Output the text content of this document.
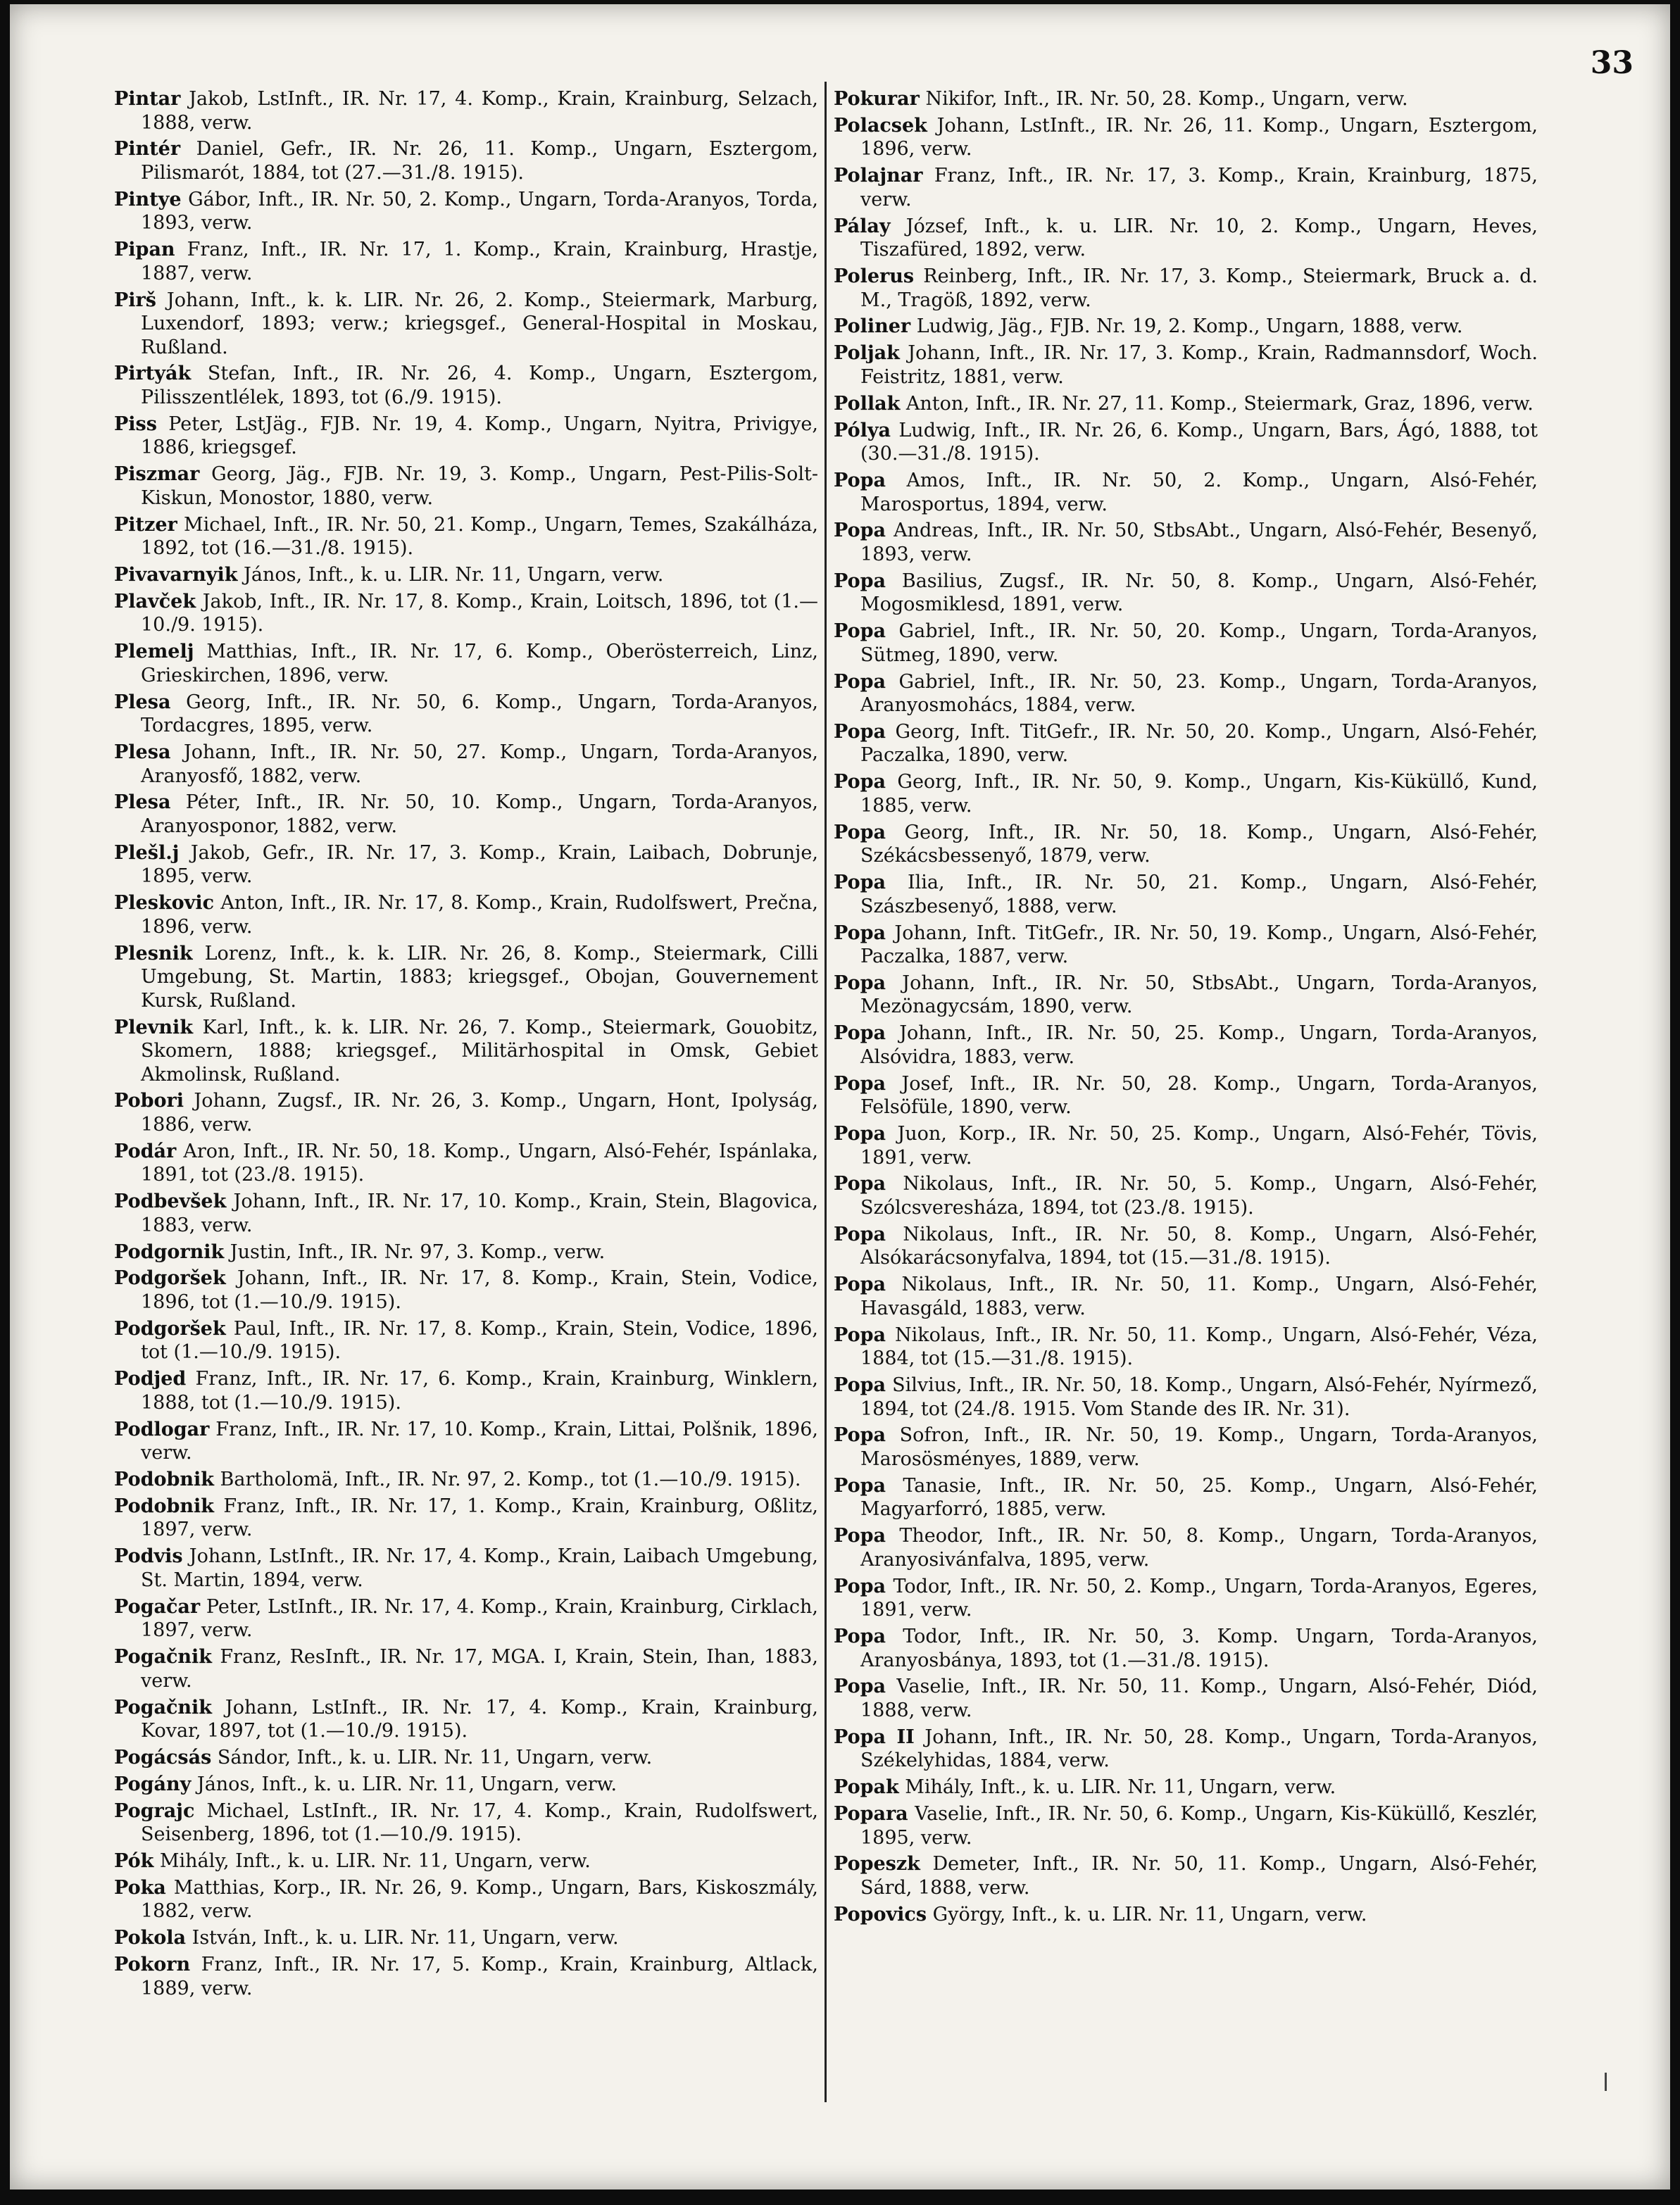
33

Pintar Jakob, LstInft., IR. Nr. 17, 4. Komp., Krain, Krainburg, Selzach, 1888, verw.

Pintér Daniel, Gefr., IR. Nr. 26, 11. Komp., Ungarn, Esztergom, Pilismarót, 1884, tot (27.—31./8. 1915).

Pintye Gábor, Inft., IR. Nr. 50, 2. Komp., Ungarn, Torda-Aranyos, Torda, 1893, verw.

Pipan Franz, Inft., IR. Nr. 17, 1. Komp., Krain, Krainburg, Hrastje, 1887, verw.

Pirš Johann, Inft., k. k. LIR. Nr. 26, 2. Komp., Steiermark, Marburg, Luxendorf, 1893; verw.; kriegsgef., General-Hospital in Moskau, Rußland.

Pirtyák Stefan, Inft., IR. Nr. 26, 4. Komp., Ungarn, Esztergom, Pilisszentlélek, 1893, tot (6./9. 1915).

Piss Peter, LstJäg., FJB. Nr. 19, 4. Komp., Ungarn, Nyitra, Privigye, 1886, kriegsgef.

Piszmar Georg, Jäg., FJB. Nr. 19, 3. Komp., Ungarn, Pest-Pilis-Solt-Kiskun, Monostor, 1880, verw.

Pitzer Michael, Inft., IR. Nr. 50, 21. Komp., Ungarn, Temes, Szakálháza, 1892, tot (16.—31./8. 1915).

Pivavarnyik János, Inft., k. u. LIR. Nr. 11, Ungarn, verw.

Plavček Jakob, Inft., IR. Nr. 17, 8. Komp., Krain, Loitsch, 1896, tot (1.—10./9. 1915).

Plemelj Matthias, Inft., IR. Nr. 17, 6. Komp., Oberösterreich, Linz, Grieskirchen, 1896, verw.

Plesa Georg, Inft., IR. Nr. 50, 6. Komp., Ungarn, Torda-Aranyos, Tordacgres, 1895, verw.

Plesa Johann, Inft., IR. Nr. 50, 27. Komp., Ungarn, Torda-Aranyos, Aranyosfő, 1882, verw.

Plesa Péter, Inft., IR. Nr. 50, 10. Komp., Ungarn, Torda-Aranyos, Aranyosponor, 1882, verw.

Plešl.j Jakob, Gefr., IR. Nr. 17, 3. Komp., Krain, Laibach, Dobrunje, 1895, verw.

Pleskovic Anton, Inft., IR. Nr. 17, 8. Komp., Krain, Rudolfswert, Prečna, 1896, verw.

Plesnik Lorenz, Inft., k. k. LIR. Nr. 26, 8. Komp., Steiermark, Cilli Umgebung, St. Martin, 1883; kriegsgef., Obojan, Gouvernement Kursk, Rußland.

Plevnik Karl, Inft., k. k. LIR. Nr. 26, 7. Komp., Steiermark, Gouobitz, Skomern, 1888; kriegsgef., Militärhospital in Omsk, Gebiet Akmolinsk, Rußland.

Pobori Johann, Zugsf., IR. Nr. 26, 3. Komp., Ungarn, Hont, Ipolyság, 1886, verw.

Podár Aron, Inft., IR. Nr. 50, 18. Komp., Ungarn, Alsó-Fehér, Ispánlaka, 1891, tot (23./8. 1915).

Podbevšek Johann, Inft., IR. Nr. 17, 10. Komp., Krain, Stein, Blagovica, 1883, verw.

Podgornik Justin, Inft., IR. Nr. 97, 3. Komp., verw.

Podgoršek Johann, Inft., IR. Nr. 17, 8. Komp., Krain, Stein, Vodice, 1896, tot (1.—10./9. 1915).

Podgoršek Paul, Inft., IR. Nr. 17, 8. Komp., Krain, Stein, Vodice, 1896, tot (1.—10./9. 1915).

Podjed Franz, Inft., IR. Nr. 17, 6. Komp., Krain, Krainburg, Winklern, 1888, tot (1.—10./9. 1915).

Podlogar Franz, Inft., IR. Nr. 17, 10. Komp., Krain, Littai, Polšnik, 1896, verw.

Podobnik Bartholomä, Inft., IR. Nr. 97, 2. Komp., tot (1.—10./9. 1915).

Podobnik Franz, Inft., IR. Nr. 17, 1. Komp., Krain, Krainburg, Oßlitz, 1897, verw.

Podvis Johann, LstInft., IR. Nr. 17, 4. Komp., Krain, Laibach Umgebung, St. Martin, 1894, verw.

Pogačar Peter, LstInft., IR. Nr. 17, 4. Komp., Krain, Krainburg, Cirklach, 1897, verw.

Pogačnik Franz, ResInft., IR. Nr. 17, MGA. I, Krain, Stein, Ihan, 1883, verw.

Pogačnik Johann, LstInft., IR. Nr. 17, 4. Komp., Krain, Krainburg, Kovar, 1897, tot (1.—10./9. 1915).

Pogácsás Sándor, Inft., k. u. LIR. Nr. 11, Ungarn, verw.

Pogány János, Inft., k. u. LIR. Nr. 11, Ungarn, verw.

Pograjc Michael, LstInft., IR. Nr. 17, 4. Komp., Krain, Rudolfswert, Seisenberg, 1896, tot (1.—10./9. 1915).

Pók Mihály, Inft., k. u. LIR. Nr. 11, Ungarn, verw.

Poka Matthias, Korp., IR. Nr. 26, 9. Komp., Ungarn, Bars, Kiskoszmály, 1882, verw.

Pokola István, Inft., k. u. LIR. Nr. 11, Ungarn, verw.

Pokorn Franz, Inft., IR. Nr. 17, 5. Komp., Krain, Krainburg, Altlack, 1889, verw.

Pokurar Nikifor, Inft., IR. Nr. 50, 28. Komp., Ungarn, verw.

Polacsek Johann, LstInft., IR. Nr. 26, 11. Komp., Ungarn, Esztergom, 1896, verw.

Polajnar Franz, Inft., IR. Nr. 17, 3. Komp., Krain, Krainburg, 1875, verw.

Pálay József, Inft., k. u. LIR. Nr. 10, 2. Komp., Ungarn, Heves, Tiszafüred, 1892, verw.

Polerus Reinberg, Inft., IR. Nr. 17, 3. Komp., Steiermark, Bruck a. d. M., Tragöß, 1892, verw.

Poliner Ludwig, Jäg., FJB. Nr. 19, 2. Komp., Ungarn, 1888, verw.

Poljak Johann, Inft., IR. Nr. 17, 3. Komp., Krain, Radmannsdorf, Woch. Feistritz, 1881, verw.

Pollak Anton, Inft., IR. Nr. 27, 11. Komp., Steiermark, Graz, 1896, verw.

Pólya Ludwig, Inft., IR. Nr. 26, 6. Komp., Ungarn, Bars, Ágó, 1888, tot (30.—31./8. 1915).

Popa Amos, Inft., IR. Nr. 50, 2. Komp., Ungarn, Alsó-Fehér, Marosportus, 1894, verw.

Popa Andreas, Inft., IR. Nr. 50, StbsAbt., Ungarn, Alsó-Fehér, Besenyő, 1893, verw.

Popa Basilius, Zugsf., IR. Nr. 50, 8. Komp., Ungarn, Alsó-Fehér, Mogosmiklesd, 1891, verw.

Popa Gabriel, Inft., IR. Nr. 50, 20. Komp., Ungarn, Torda-Aranyos, Sütmeg, 1890, verw.

Popa Gabriel, Inft., IR. Nr. 50, 23. Komp., Ungarn, Torda-Aranyos, Aranyosmohács, 1884, verw.

Popa Georg, Inft. TitGefr., IR. Nr. 50, 20. Komp., Ungarn, Alsó-Fehér, Paczalka, 1890, verw.

Popa Georg, Inft., IR. Nr. 50, 9. Komp., Ungarn, Kis-Küküllő, Kund, 1885, verw.

Popa Georg, Inft., IR. Nr. 50, 18. Komp., Ungarn, Alsó-Fehér, Székácsbessenyő, 1879, verw.

Popa Ilia, Inft., IR. Nr. 50, 21. Komp., Ungarn, Alsó-Fehér, Szászbesenyő, 1888, verw.

Popa Johann, Inft. TitGefr., IR. Nr. 50, 19. Komp., Ungarn, Alsó-Fehér, Paczalka, 1887, verw.

Popa Johann, Inft., IR. Nr. 50, StbsAbt., Ungarn, Torda-Aranyos, Mezönagycsám, 1890, verw.

Popa Johann, Inft., IR. Nr. 50, 25. Komp., Ungarn, Torda-Aranyos, Alsóvidra, 1883, verw.

Popa Josef, Inft., IR. Nr. 50, 28. Komp., Ungarn, Torda-Aranyos, Felsöfüle, 1890, verw.

Popa Juon, Korp., IR. Nr. 50, 25. Komp., Ungarn, Alsó-Fehér, Tövis, 1891, verw.

Popa Nikolaus, Inft., IR. Nr. 50, 5. Komp., Ungarn, Alsó-Fehér, Szólcsveresháza, 1894, tot (23./8. 1915).

Popa Nikolaus, Inft., IR. Nr. 50, 8. Komp., Ungarn, Alsó-Fehér, Alsókarácsonyfalva, 1894, tot (15.—31./8. 1915).

Popa Nikolaus, Inft., IR. Nr. 50, 11. Komp., Ungarn, Alsó-Fehér, Havasgáld, 1883, verw.

Popa Nikolaus, Inft., IR. Nr. 50, 11. Komp., Ungarn, Alsó-Fehér, Véza, 1884, tot (15.—31./8. 1915).

Popa Silvius, Inft., IR. Nr. 50, 18. Komp., Ungarn, Alsó-Fehér, Nyírmező, 1894, tot (24./8. 1915. Vom Stande des IR. Nr. 31).

Popa Sofron, Inft., IR. Nr. 50, 19. Komp., Ungarn, Torda-Aranyos, Marosösményes, 1889, verw.

Popa Tanasie, Inft., IR. Nr. 50, 25. Komp., Ungarn, Alsó-Fehér, Magyarforró, 1885, verw.

Popa Theodor, Inft., IR. Nr. 50, 8. Komp., Ungarn, Torda-Aranyos, Aranyosivánfalva, 1895, verw.

Popa Todor, Inft., IR. Nr. 50, 2. Komp., Ungarn, Torda-Aranyos, Egeres, 1891, verw.

Popa Todor, Inft., IR. Nr. 50, 3. Komp. Ungarn, Torda-Aranyos, Aranyosbánya, 1893, tot (1.—31./8. 1915).

Popa Vaselie, Inft., IR. Nr. 50, 11. Komp., Ungarn, Alsó-Fehér, Diód, 1888, verw.

Popa II Johann, Inft., IR. Nr. 50, 28. Komp., Ungarn, Torda-Aranyos, Székelyhidas, 1884, verw.

Popak Mihály, Inft., k. u. LIR. Nr. 11, Ungarn, verw.

Popara Vaselie, Inft., IR. Nr. 50, 6. Komp., Ungarn, Kis-Küküllő, Keszlér, 1895, verw.

Popeszk Demeter, Inft., IR. Nr. 50, 11. Komp., Ungarn, Alsó-Fehér, Sárd, 1888, verw.

Popovics György, Inft., k. u. LIR. Nr. 11, Ungarn, verw.
